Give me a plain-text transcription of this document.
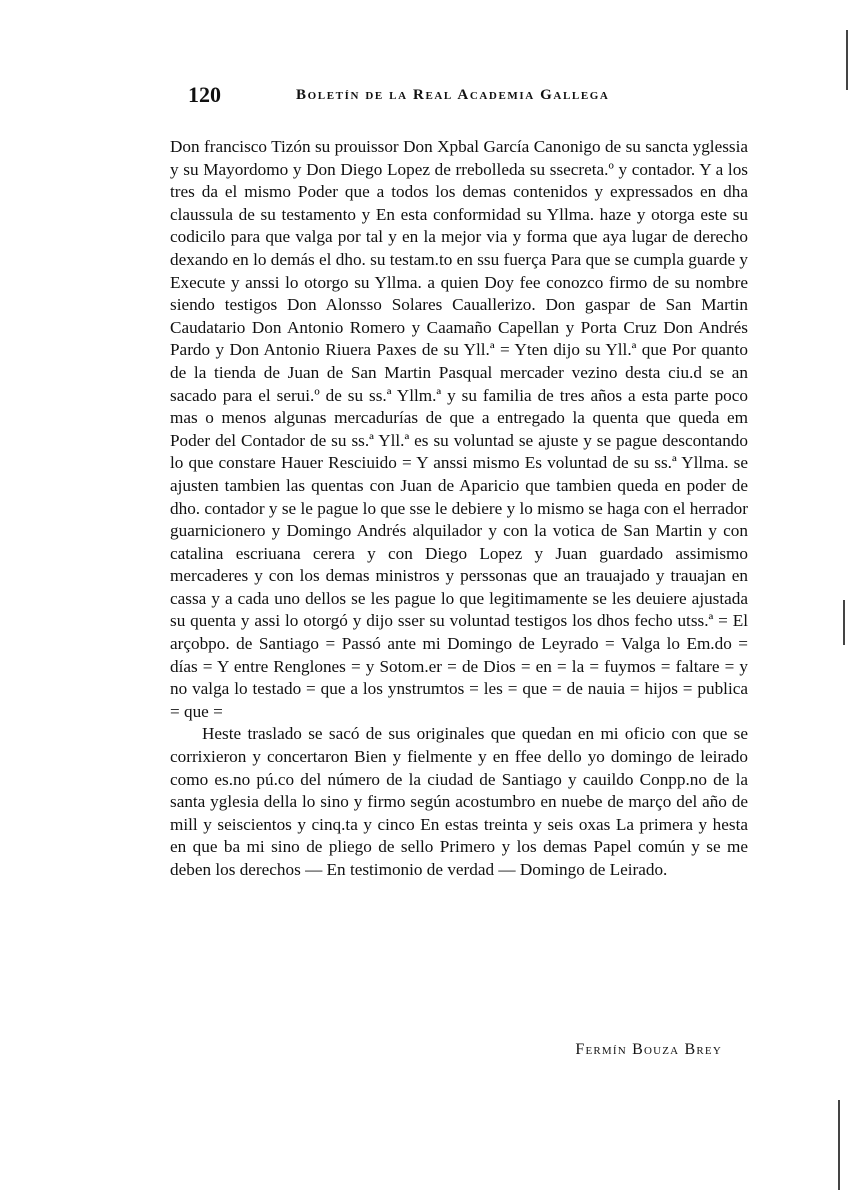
120	Boletín de la Real Academia Gallega

Don francisco Tizón su prouissor Don Xpbal García Canonigo de su sancta yglessia y su Mayordomo y Don Diego Lopez de rrebolleda su ssecreta.º y contador. Y a los tres da el mismo Poder que a todos los demas contenidos y expressados en dha claussula de su testamento y En esta conformidad su Yllma. haze y otorga este su codicilo para que valga por tal y en la mejor via y forma que aya lugar de derecho dexando en lo demás el dho. su testam.to en ssu fuerça Para que se cumpla guarde y Execute y anssi lo otorgo su Yllma. a quien Doy fee conozco firmo de su nombre siendo testigos Don Alonsso Solares Cauallerizo. Don gaspar de San Martin Caudatario Don Antonio Romero y Caamaño Capellan y Porta Cruz Don Andrés Pardo y Don Antonio Riuera Paxes de su Yll.ª = Yten dijo su Yll.ª que Por quanto de la tienda de Juan de San Martin Pasqual mercader vezino desta ciu.d se an sacado para el serui.º de su ss.ª Yllm.ª y su familia de tres años a esta parte poco mas o menos algunas mercadurías de que a entregado la quenta que queda em Poder del Contador de su ss.ª Yll.ª es su voluntad se ajuste y se pague descontando lo que constare Hauer Resciuido = Y anssi mismo Es voluntad de su ss.ª Yllma. se ajusten tambien las quentas con Juan de Aparicio que tambien queda en poder de dho. contador y se le pague lo que sse le debiere y lo mismo se haga con el herrador guarnicionero y Domingo Andrés alquilador y con la votica de San Martin y con catalina escriuana cerera y con Diego Lopez y Juan guardado assimismo mercaderes y con los demas ministros y perssonas que an trauajado y trauajan en cassa y a cada uno dellos se les pague lo que legitimamente se les deuiere ajustada su quenta y assi lo otorgó y dijo sser su voluntad testigos los dhos fecho utss.ª = El arçobpo. de Santiago = Passó ante mi Domingo de Leyrado = Valga lo Em.do = días = Y entre Renglones = y Sotom.er = de Dios = en = la = fuymos = faltare = y no valga lo testado = que a los ynstrumtos = les = que = de nauia = hijos = publica = que =

Heste traslado se sacó de sus originales que quedan en mi oficio con que se corrixieron y concertaron Bien y fielmente y en ffee dello yo domingo de leirado como es.no pú.co del número de la ciudad de Santiago y cauildo Conpp.no de la santa yglesia della lo sino y firmo según acostumbro en nuebe de março del año de mill y seiscientos y cinq.ta y cinco En estas treinta y seis oxas La primera y hesta en que ba mi sino de pliego de sello Primero y los demas Papel común y se me deben los derechos — En testimonio de verdad — Domingo de Leirado.

Fermín Bouza Brey
